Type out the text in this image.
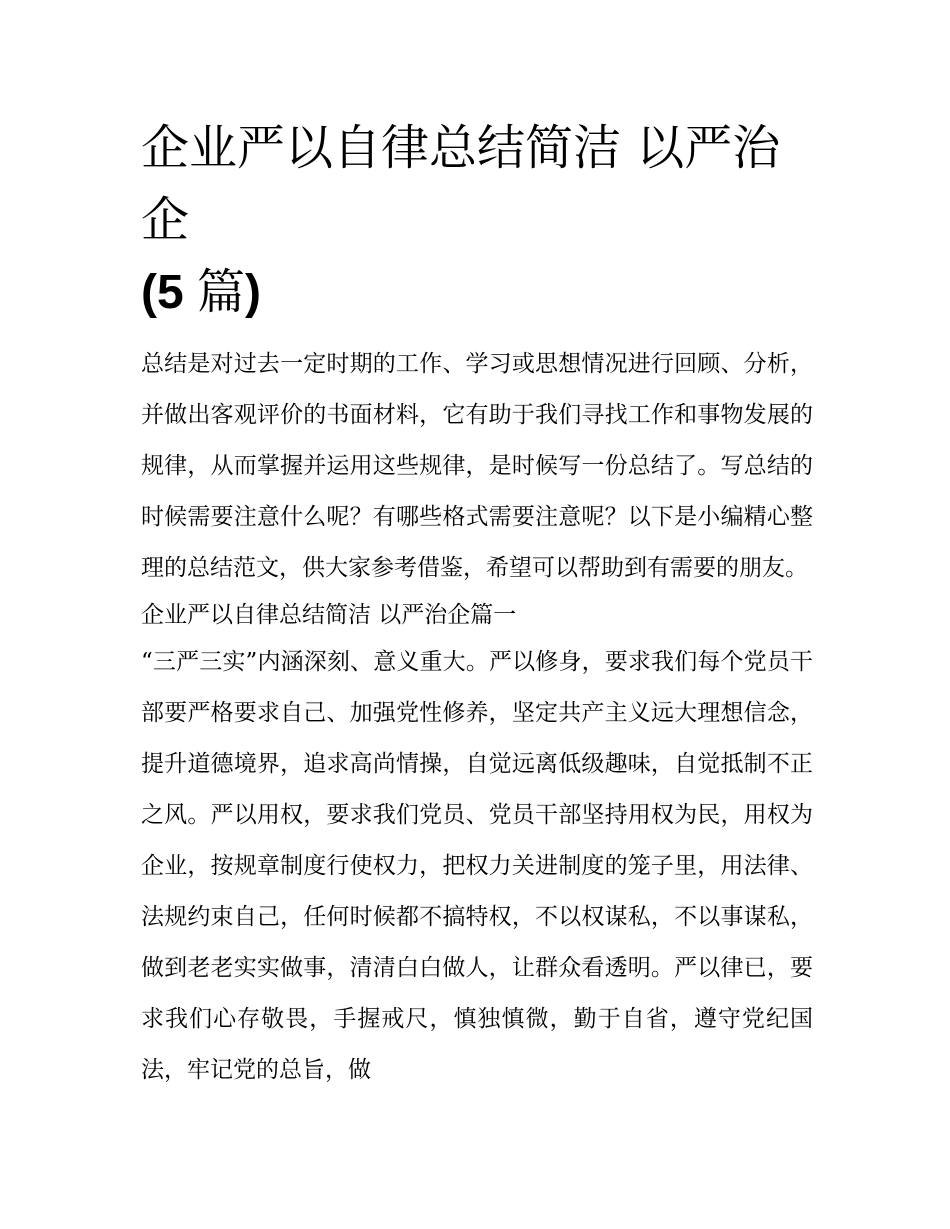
企业严以自律总结简洁 以严治企
(5 篇)

总结是对过去一定时期的工作、学习或思想情况进行回顾、分析，并做出客观评价的书面材料，它有助于我们寻找工作和事物发展的规律，从而掌握并运用这些规律，是时候写一份总结了。写总结的时候需要注意什么呢？有哪些格式需要注意呢？以下是小编精心整理的总结范文，供大家参考借鉴，希望可以帮助到有需要的朋友。

企业严以自律总结简洁 以严治企篇一

“三严三实”内涵深刻、意义重大。严以修身，要求我们每个党员干部要严格要求自己、加强党性修养，坚定共产主义远大理想信念，提升道德境界，追求高尚情操，自觉远离低级趣味，自觉抵制不正之风。严以用权，要求我们党员、党员干部坚持用权为民，用权为企业，按规章制度行使权力，把权力关进制度的笼子里，用法律、法规约束自己，任何时候都不搞特权，不以权谋私，不以事谋私，做到老老实实做事，清清白白做人，让群众看透明。严以律已，要求我们心存敬畏，手握戒尺，慎独慎微，勤于自省，遵守党纪国法，牢记党的总旨，做
